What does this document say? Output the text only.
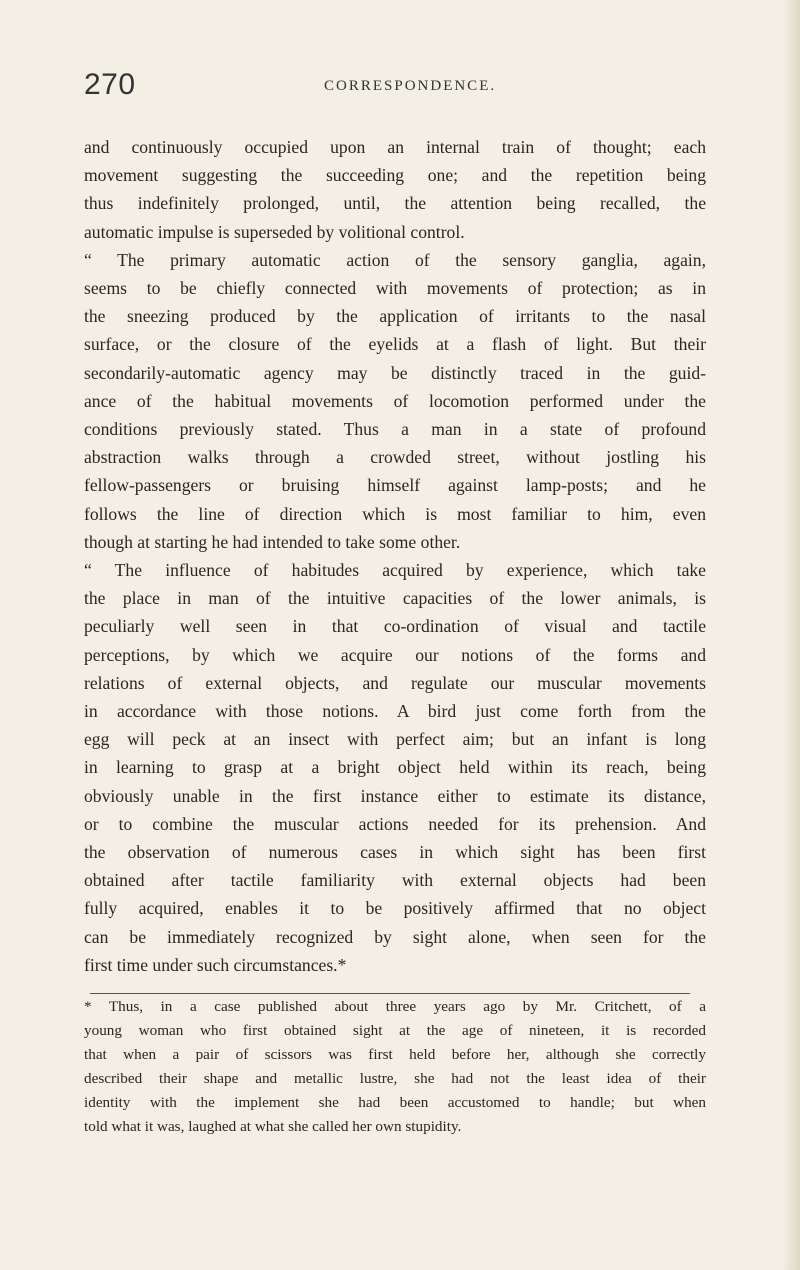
270	CORRESPONDENCE.
and continuously occupied upon an internal train of thought; each
movement suggesting the succeeding one; and the repetition being
thus indefinitely prolonged, until, the attention being recalled, the
automatic impulse is superseded by volitional control.
“ The primary automatic action of the sensory ganglia, again,
seems to be chiefly connected with movements of protection; as in
the sneezing produced by the application of irritants to the nasal
surface, or the closure of the eyelids at a flash of light. But their
secondarily-automatic agency may be distinctly traced in the guid-
ance of the habitual movements of locomotion performed under the
conditions previously stated. Thus a man in a state of profound
abstraction walks through a crowded street, without jostling his
fellow-passengers or bruising himself against lamp-posts; and he
follows the line of direction which is most familiar to him, even
though at starting he had intended to take some other.
“ The influence of habitudes acquired by experience, which take
the place in man of the intuitive capacities of the lower animals, is
peculiarly well seen in that co-ordination of visual and tactile
perceptions, by which we acquire our notions of the forms and
relations of external objects, and regulate our muscular movements
in accordance with those notions. A bird just come forth from the
egg will peck at an insect with perfect aim; but an infant is long
in learning to grasp at a bright object held within its reach, being
obviously unable in the first instance either to estimate its distance,
or to combine the muscular actions needed for its prehension. And
the observation of numerous cases in which sight has been first
obtained after tactile familiarity with external objects had been
fully acquired, enables it to be positively affirmed that no object
can be immediately recognized by sight alone, when seen for the
first time under such circumstances.*
* Thus, in a case published about three years ago by Mr. Critchett, of a
young woman who first obtained sight at the age of nineteen, it is recorded
that when a pair of scissors was first held before her, although she correctly
described their shape and metallic lustre, she had not the least idea of their
identity with the implement she had been accustomed to handle; but when
told what it was, laughed at what she called her own stupidity.
